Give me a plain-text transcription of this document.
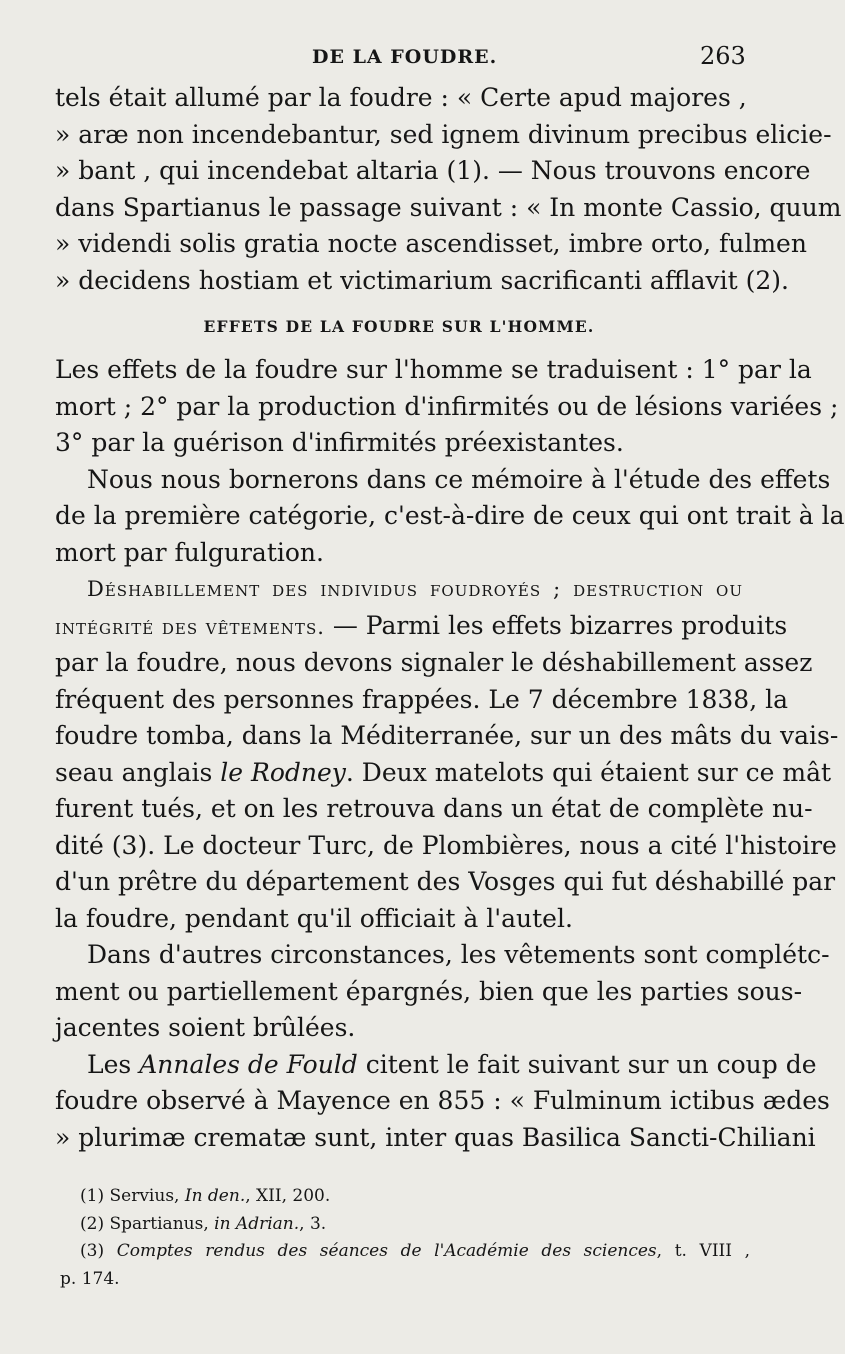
DE LA FOUDRE.	263
tels était allumé par la foudre : « Certe apud majores ,
» aræ non incendebantur, sed ignem divinum precibus elicie-
» bant , qui incendebat altaria (1). — Nous trouvons encore
dans Spartianus le passage suivant : « In monte Cassio, quum
» videndi solis gratia nocte ascendisset, imbre orto, fulmen
» decidens hostiam et victimarium sacrificanti afflavit (2).
EFFETS DE LA FOUDRE SUR L'HOMME.
Les effets de la foudre sur l'homme se traduisent : 1° par la
mort ; 2° par la production d'infirmités ou de lésions variées ;
3° par la guérison d'infirmités préexistantes.
Nous nous bornerons dans ce mémoire à l'étude des effets
de la première catégorie, c'est-à-dire de ceux qui ont trait à la
mort par fulguration.
Déshabillement des individus foudroyés ; destruction ou
intégrité des vêtements. — Parmi les effets bizarres produits
par la foudre, nous devons signaler le déshabillement assez
fréquent des personnes frappées. Le 7 décembre 1838, la
foudre tomba, dans la Méditerranée, sur un des mâts du vais-
seau anglais le Rodney. Deux matelots qui étaient sur ce mât
furent tués, et on les retrouva dans un état de complète nu-
dité (3). Le docteur Turc, de Plombières, nous a cité l'histoire
d'un prêtre du département des Vosges qui fut déshabillé par
la foudre, pendant qu'il officiait à l'autel.
Dans d'autres circonstances, les vêtements sont complétc-
ment ou partiellement épargnés, bien que les parties sous-
jacentes soient brûlées.
Les Annales de Fould citent le fait suivant sur un coup de
foudre observé à Mayence en 855 : « Fulminum ictibus ædes
» plurimæ crematæ sunt, inter quas Basilica Sancti-Chiliani
(1) Servius, In den., XII, 200.
(2) Spartianus, in Adrian., 3.
(3) Comptes rendus des séances de l'Académie des sciences, t. VIII ,
p. 174.
